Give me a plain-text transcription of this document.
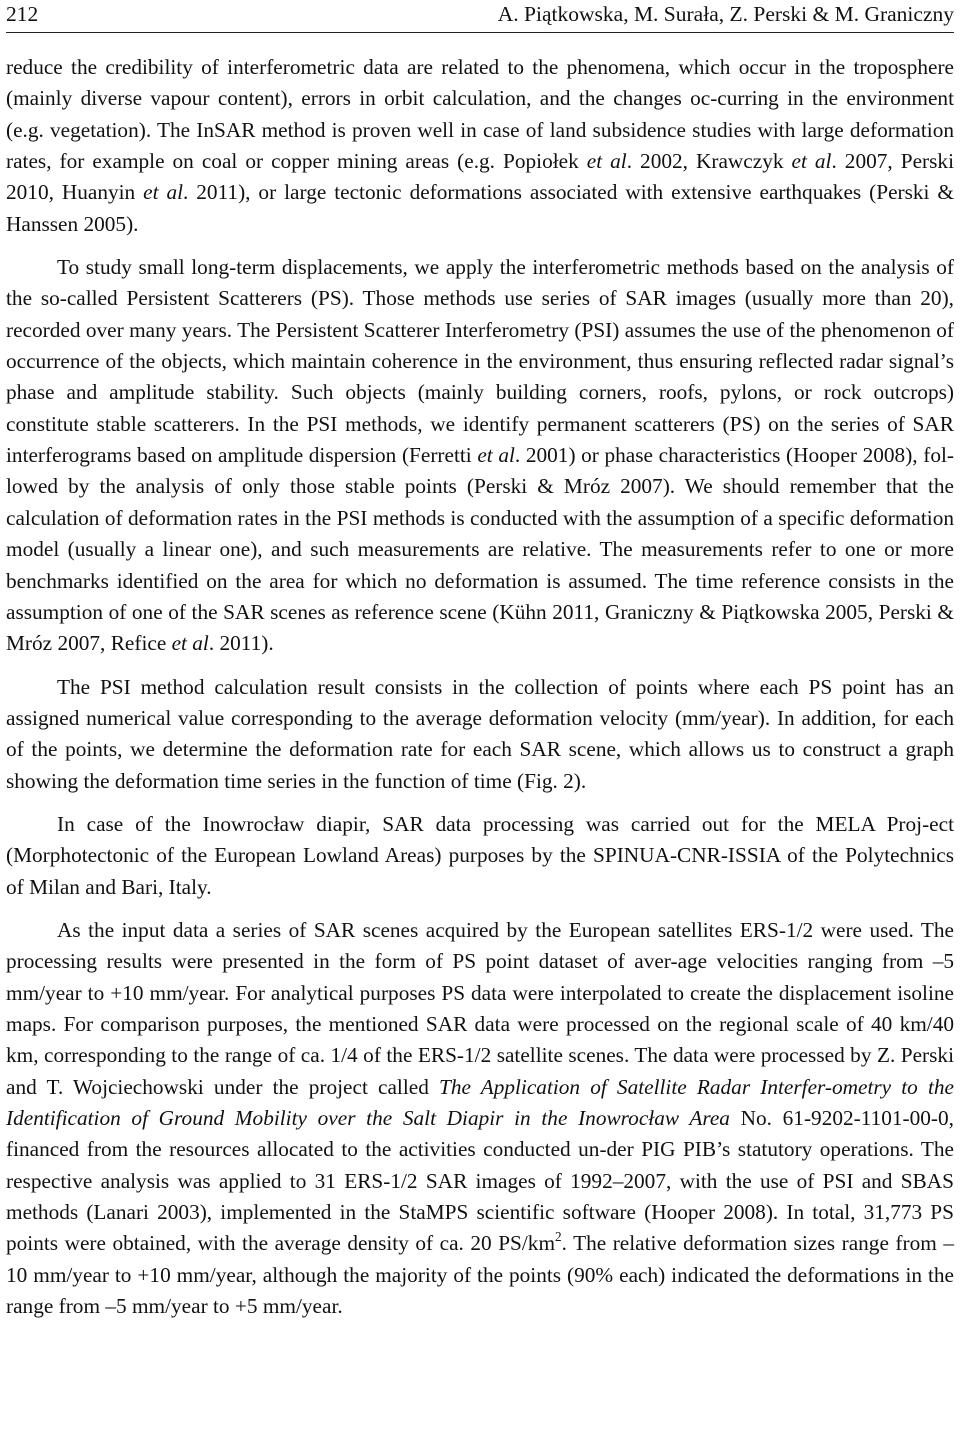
212	A. Piątkowska, M. Surała, Z. Perski & M. Graniczny

reduce the credibility of interferometric data are related to the phenomena, which occur in the troposphere (mainly diverse vapour content), errors in orbit calculation, and the changes oc-curring in the environment (e.g. vegetation). The InSAR method is proven well in case of land subsidence studies with large deformation rates, for example on coal or copper mining areas (e.g. Popiołek et al. 2002, Krawczyk et al. 2007, Perski 2010, Huanyin et al. 2011), or large tectonic deformations associated with extensive earthquakes (Perski & Hanssen 2005).

To study small long-term displacements, we apply the interferometric methods based on the analysis of the so-called Persistent Scatterers (PS). Those methods use series of SAR images (usually more than 20), recorded over many years. The Persistent Scatterer Interferometry (PSI) assumes the use of the phenomenon of occurrence of the objects, which maintain coherence in the environment, thus ensuring reflected radar signal’s phase and amplitude stability. Such objects (mainly building corners, roofs, pylons, or rock outcrops) constitute stable scatterers. In the PSI methods, we identify permanent scatterers (PS) on the series of SAR interferograms based on amplitude dispersion (Ferretti et al. 2001) or phase characteristics (Hooper 2008), fol-lowed by the analysis of only those stable points (Perski & Mróz 2007). We should remember that the calculation of deformation rates in the PSI methods is conducted with the assumption of a specific deformation model (usually a linear one), and such measurements are relative. The measurements refer to one or more benchmarks identified on the area for which no deformation is assumed. The time reference consists in the assumption of one of the SAR scenes as reference scene (Kühn 2011, Graniczny & Piątkowska 2005, Perski & Mróz 2007, Refice et al. 2011).

The PSI method calculation result consists in the collection of points where each PS point has an assigned numerical value corresponding to the average deformation velocity (mm/year). In addition, for each of the points, we determine the deformation rate for each SAR scene, which allows us to construct a graph showing the deformation time series in the function of time (Fig. 2).

In case of the Inowrocław diapir, SAR data processing was carried out for the MELA Proj-ect (Morphotectonic of the European Lowland Areas) purposes by the SPINUA-CNR-ISSIA of the Polytechnics of Milan and Bari, Italy.

As the input data a series of SAR scenes acquired by the European satellites ERS-1/2 were used. The processing results were presented in the form of PS point dataset of aver-age velocities ranging from –5 mm/year to +10 mm/year. For analytical purposes PS data were interpolated to create the displacement isoline maps. For comparison purposes, the mentioned SAR data were processed on the regional scale of 40 km/40 km, corresponding to the range of ca. 1/4 of the ERS-1/2 satellite scenes. The data were processed by Z. Perski and T. Wojciechowski under the project called The Application of Satellite Radar Interfer-ometry to the Identification of Ground Mobility over the Salt Diapir in the Inowrocław Area No. 61-9202-1101-00-0, financed from the resources allocated to the activities conducted un-der PIG PIB’s statutory operations. The respective analysis was applied to 31 ERS-1/2 SAR images of 1992–2007, with the use of PSI and SBAS methods (Lanari 2003), implemented in the StaMPS scientific software (Hooper 2008). In total, 31,773 PS points were obtained, with the average density of ca. 20 $PS/km^2$. The relative deformation sizes range from –10 mm/year to +10 mm/year, although the majority of the points (90% each) indicated the deformations in the range from –5 mm/year to +5 mm/year.
